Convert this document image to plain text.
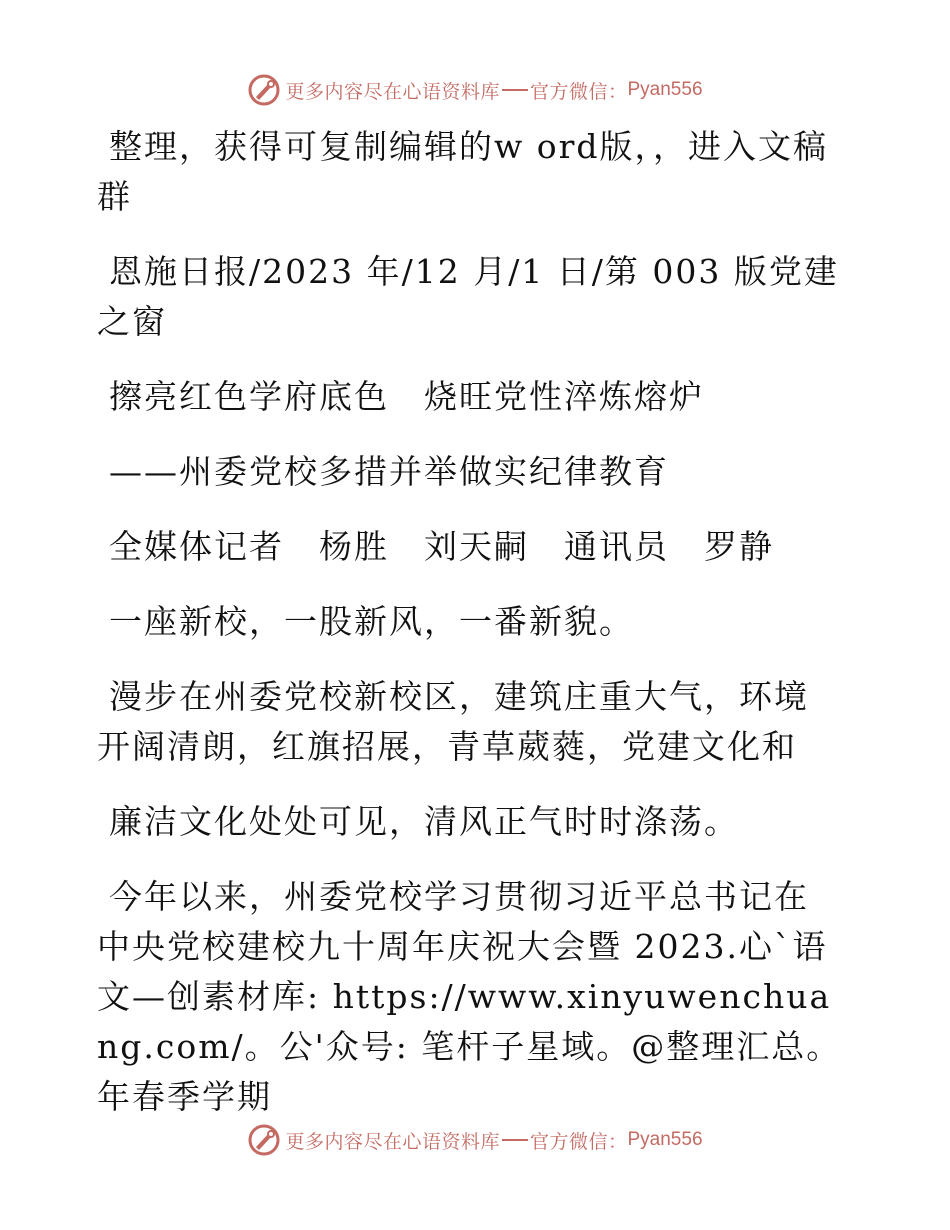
更多内容尽在心语资料库 官方微信： Pyan556

整理，获得可复制编辑的w ord版，，进入文稿群

恩施日报/2023 年/12 月/1 日/第 003 版党建之窗

擦亮红色学府底色　烧旺党性淬炼熔炉

——州委党校多措并举做实纪律教育

全媒体记者　杨胜　刘天嗣　通讯员　罗静

一座新校，一股新风，一番新貌。

漫步在州委党校新校区，建筑庄重大气，环境开阔清朗，红旗招展，青草葳蕤，党建文化和

廉洁文化处处可见，清风正气时时涤荡。

今年以来，州委党校学习贯彻习近平总书记在中央党校建校九十周年庆祝大会暨 2023.心`语文—创素材库: https://www.xinyuwenchuang.com/。公'众号: 笔杆子星域。@整理汇总。 年春季学期

更多内容尽在心语资料库 官方微信： Pyan556
